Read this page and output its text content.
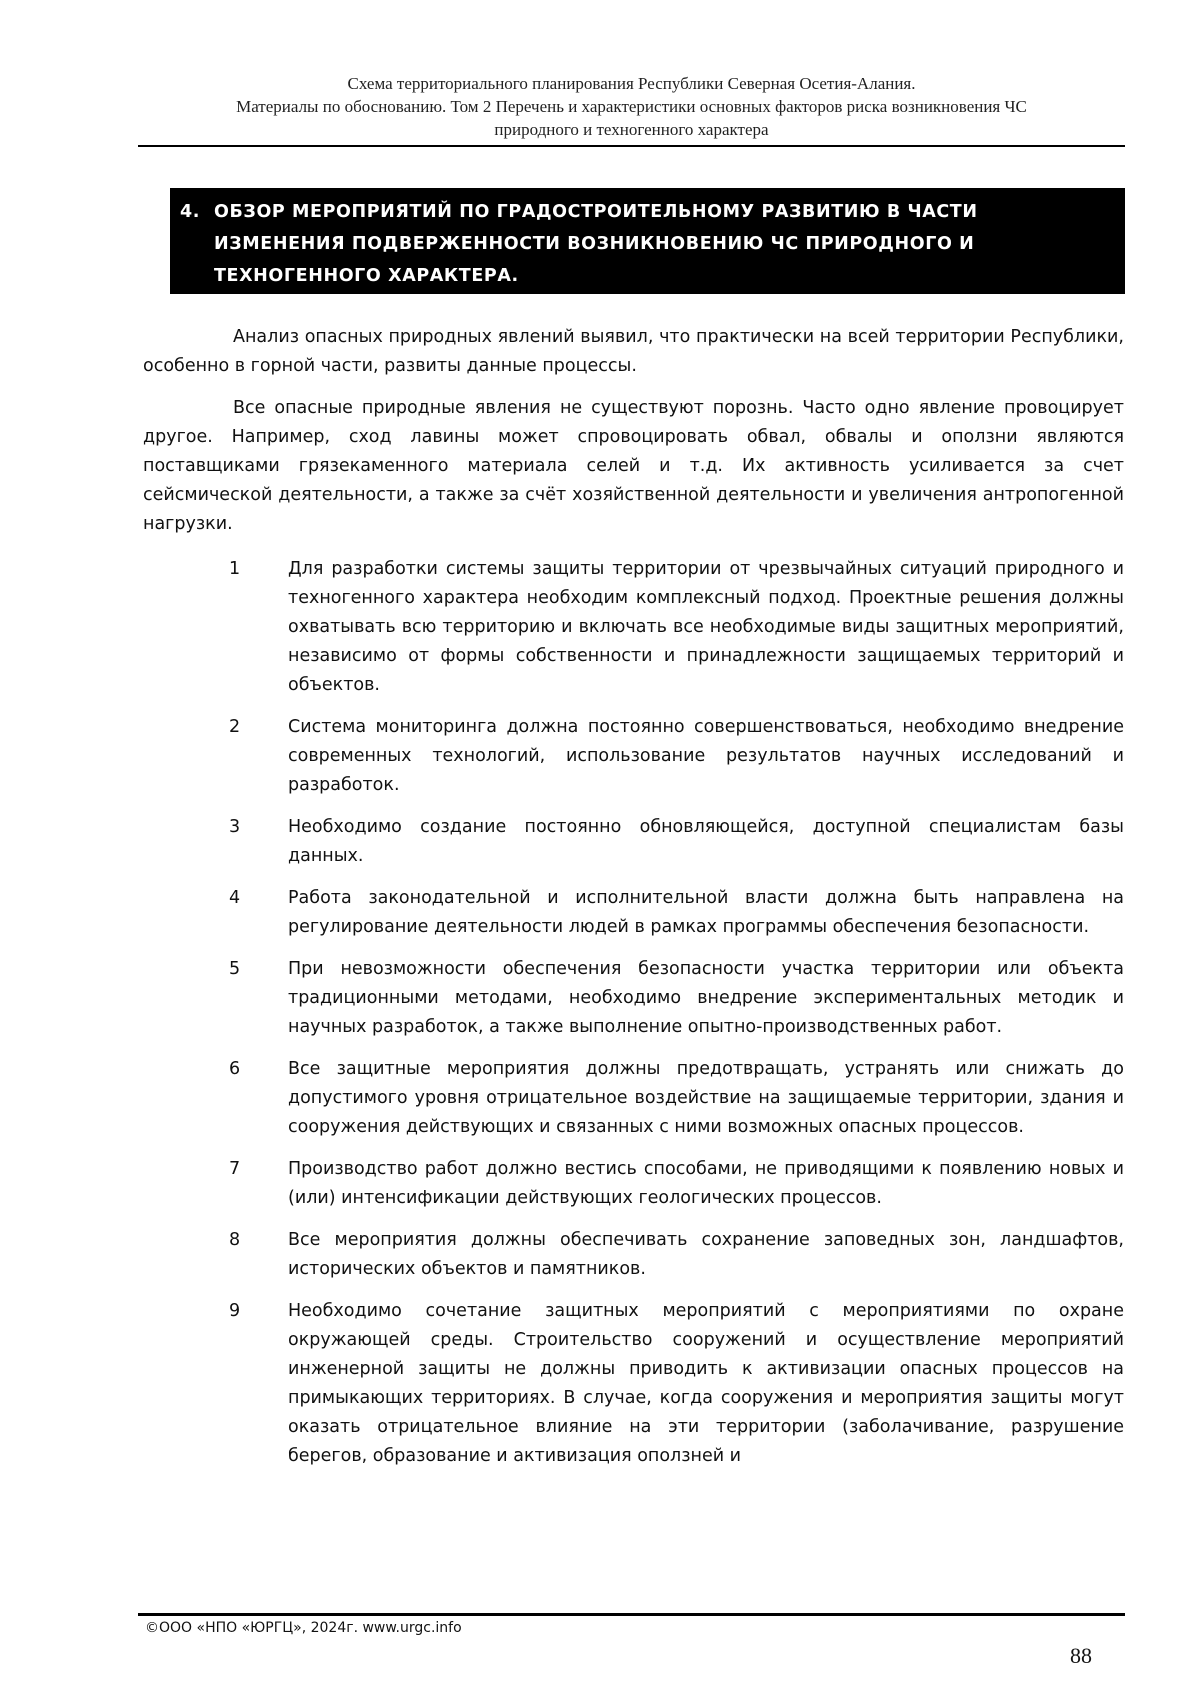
Схема территориального планирования Республики Северная Осетия-Алания.
Материалы по обоснованию. Том 2 Перечень и характеристики основных факторов риска возникновения ЧС
природного и техногенного характера
4. ОБЗОР МЕРОПРИЯТИЙ ПО ГРАДОСТРОИТЕЛЬНОМУ РАЗВИТИЮ В ЧАСТИ ИЗМЕНЕНИЯ ПОДВЕРЖЕННОСТИ ВОЗНИКНОВЕНИЮ ЧС ПРИРОДНОГО И ТЕХНОГЕННОГО ХАРАКТЕРА.

Анализ опасных природных явлений выявил, что практически на всей территории Республики, особенно в горной части, развиты данные процессы.

Все опасные природные явления не существуют порознь. Часто одно явление провоцирует другое. Например, сход лавины может спровоцировать обвал, обвалы и оползни являются поставщиками грязекаменного материала селей и т.д. Их активность усиливается за счет сейсмической деятельности, а также за счёт хозяйственной деятельности и увеличения антропогенной нагрузки.

1	Для разработки системы защиты территории от чрезвычайных ситуаций природного и техногенного характера необходим комплексный подход. Проектные решения должны охватывать всю территорию и включать все необходимые виды защитных мероприятий, независимо от формы собственности и принадлежности защищаемых территорий и объектов.
2	Система мониторинга должна постоянно совершенствоваться, необходимо внедрение современных технологий, использование результатов научных исследований и разработок.
3	Необходимо создание постоянно обновляющейся, доступной специалистам базы данных.
4	Работа законодательной и исполнительной власти должна быть направлена на регулирование деятельности людей в рамках программы обеспечения безопасности.
5	При невозможности обеспечения безопасности участка территории или объекта традиционными методами, необходимо внедрение экспериментальных методик и научных разработок, а также выполнение опытно-производственных работ.
6	Все защитные мероприятия должны предотвращать, устранять или снижать до допустимого уровня отрицательное воздействие на защищаемые территории, здания и сооружения действующих и связанных с ними возможных опасных процессов.
7	Производство работ должно вестись способами, не приводящими к появлению новых и (или) интенсификации действующих геологических процессов.
8	Все мероприятия должны обеспечивать сохранение заповедных зон, ландшафтов, исторических объектов и памятников.
9	Необходимо сочетание защитных мероприятий с мероприятиями по охране окружающей среды. Строительство сооружений и осуществление мероприятий инженерной защиты не должны приводить к активизации опасных процессов на примыкающих территориях. В случае, когда сооружения и мероприятия защиты могут оказать отрицательное влияние на эти территории (заболачивание, разрушение берегов, образование и активизация оползней и
©ООО «НПО «ЮРГЦ», 2024г. www.urgc.info
88
